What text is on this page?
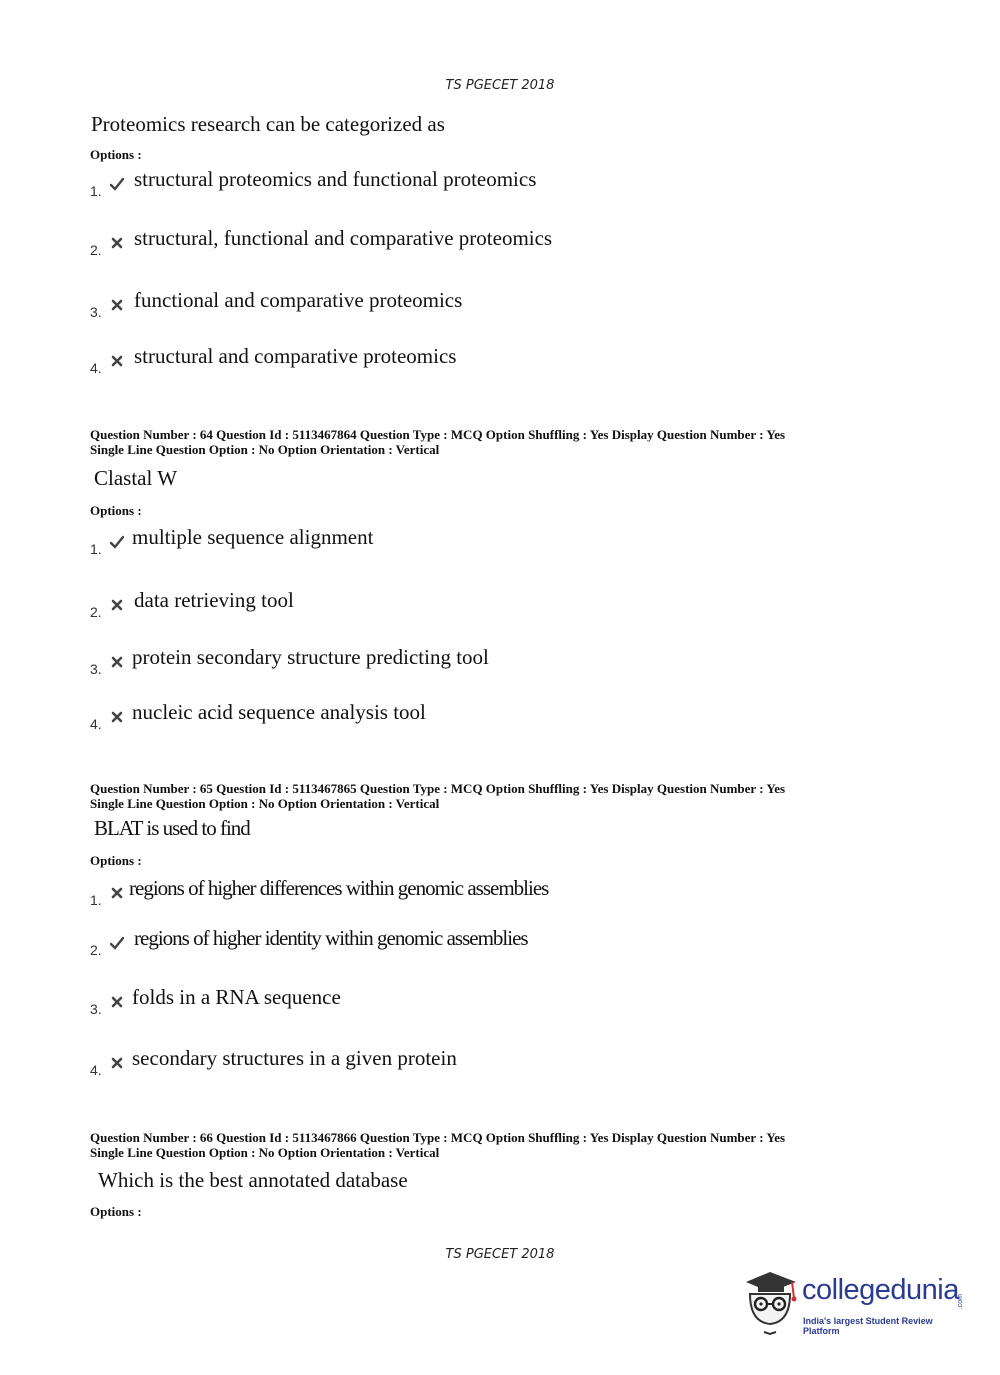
TS PGECET 2018
Proteomics research can be categorized as
Options :
1. structural proteomics and functional proteomics
2. structural, functional and comparative proteomics
3. functional and comparative proteomics
4. structural and comparative proteomics
Question Number : 64 Question Id : 5113467864 Question Type : MCQ Option Shuffling : Yes Display Question Number : Yes
Single Line Question Option : No Option Orientation : Vertical
Clastal W
Options :
1. multiple sequence alignment
2. data retrieving tool
3. protein secondary structure predicting tool
4. nucleic acid sequence analysis tool
Question Number : 65 Question Id : 5113467865 Question Type : MCQ Option Shuffling : Yes Display Question Number : Yes
Single Line Question Option : No Option Orientation : Vertical
BLAT is used to find
Options :
1. regions of higher differences within genomic assemblies
2. regions of higher identity within genomic assemblies
3. folds in a RNA sequence
4. secondary structures in a given protein
Question Number : 66 Question Id : 5113467866 Question Type : MCQ Option Shuffling : Yes Display Question Number : Yes
Single Line Question Option : No Option Orientation : Vertical
Which is the best annotated database
Options :
TS PGECET 2018
collegedunia
.com
India's largest Student Review Platform
